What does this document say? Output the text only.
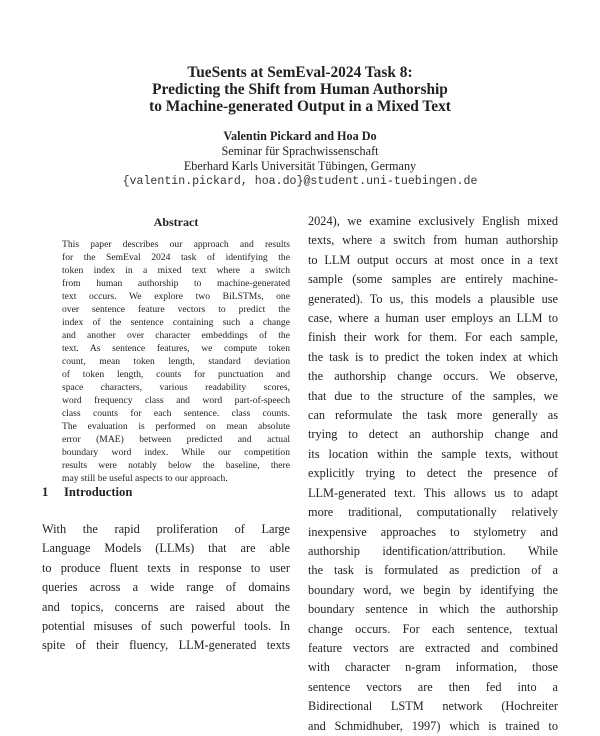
TueSents at SemEval-2024 Task 8:
Predicting the Shift from Human Authorship
to Machine-generated Output in a Mixed Text
Valentin Pickard and Hoa Do
Seminar für Sprachwissenschaft
Eberhard Karls Universität Tübingen, Germany
{valentin.pickard, hoa.do}@student.uni-tuebingen.de
Abstract
This paper describes our approach and results
for the SemEval 2024 task of identifying the
token index in a mixed text where a switch
from human authorship to machine-generated
text occurs. We explore two BiLSTMs, one
over sentence feature vectors to predict the
index of the sentence containing such a change
and another over character embeddings of the
text. As sentence features, we compute token
count, mean token length, standard deviation
of token length, counts for punctuation and
space characters, various readability scores,
word frequency class and word part-of-speech
class counts for each sentence. class counts.
The evaluation is performed on mean absolute
error (MAE) between predicted and actual
boundary word index. While our competition
results were notably below the baseline, there
may still be useful aspects to our approach.
1 Introduction
With the rapid proliferation of Large
Language Models (LLMs) that are able
to produce fluent texts in response to user
queries across a wide range of domains
and topics, concerns are raised about the
potential misuses of such powerful tools. In
spite of their fluency, LLM-generated texts
2024), we examine exclusively English mixed
texts, where a switch from human authorship
to LLM output occurs at most once in a text
sample (some samples are entirely machine-
generated). To us, this models a plausible use
case, where a human user employs an LLM to
finish their work for them. For each sample,
the task is to predict the token index at which
the authorship change occurs. We observe,
that due to the structure of the samples, we
can reformulate the task more generally as
trying to detect an authorship change and
its location within the sample texts, without
explicitly trying to detect the presence of
LLM-generated text. This allows us to adapt
more traditional, computationally relatively
inexpensive approaches to stylometry and
authorship identification/attribution. While
the task is formulated as prediction of a
boundary word, we begin by identifying the
boundary sentence in which the authorship
change occurs. For each sentence, textual
feature vectors are extracted and combined
with character n-gram information, those
sentence vectors are then fed into a
Bidirectional LSTM network (Hochreiter
and Schmidhuber, 1997) which is trained to
